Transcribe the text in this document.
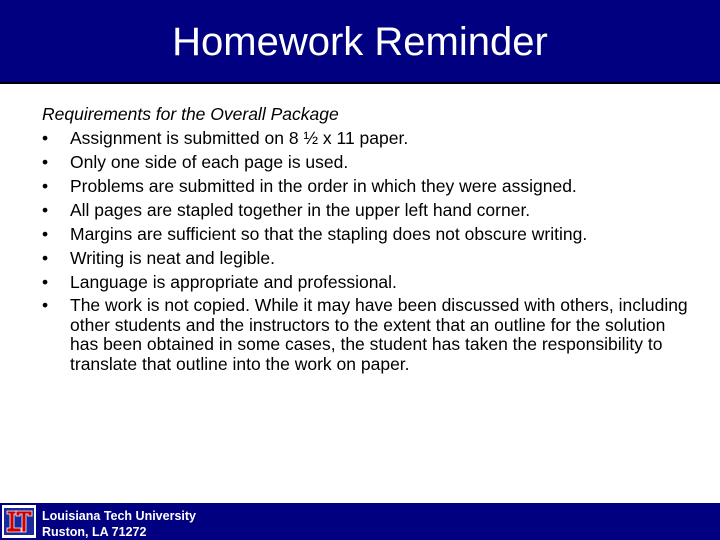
Homework Reminder

Requirements for the Overall Package

•	Assignment is submitted on 8 ½ x 11 paper.
•	Only one side of each page is used.
•	Problems are submitted in the order in which they were assigned.
•	All pages are stapled together in the upper left hand corner.
•	Margins are sufficient so that the stapling does not obscure writing.
•	Writing is neat and legible.
•	Language is appropriate and professional.
•	The work is not copied. While it may have been discussed with others, including other students and the instructors to the extent that an outline for the solution has been obtained in some cases, the student has taken the responsibility to translate that outline into the work on paper.
Louisiana Tech University
Ruston, LA 71272
